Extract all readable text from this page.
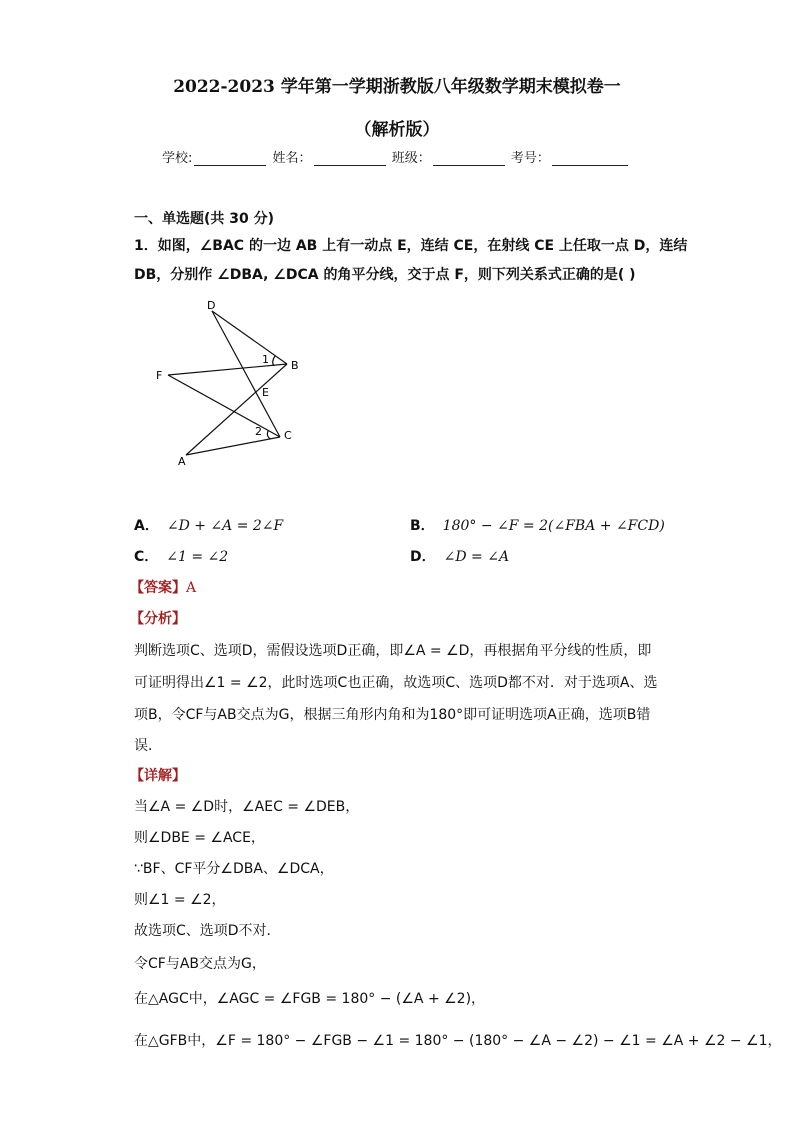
2022-2023 学年第一学期浙教版八年级数学期末模拟卷一
（解析版）
学校:	姓名：	班级：	考号：
一、单选题(共 30 分)
1．如图，∠BAC 的一边 AB 上有一动点 E，连结 CE，在射线 CE 上任取一点 D，连结
DB，分别作 ∠DBA, ∠DCA 的角平分线，交于点 F，则下列关系式正确的是( )
D
B
F
E
C
A
1
2
A． ∠D + ∠A = 2∠F	B． 180° − ∠F = 2(∠FBA + ∠FCD)
C． ∠1 = ∠2	D． ∠D = ∠A
【答案】A
【分析】
判断选项C、选项D，需假设选项D正确，即∠A = ∠D，再根据角平分线的性质，即
可证明得出∠1 = ∠2，此时选项C也正确，故选项C、选项D都不对．对于选项A、选
项B，令CF与AB交点为G，根据三角形内角和为180°即可证明选项A正确，选项B错
误．
【详解】
当∠A = ∠D时，∠AEC = ∠DEB，
则∠DBE = ∠ACE，
∵BF、CF平分∠DBA、∠DCA，
则∠1 = ∠2，
故选项C、选项D不对．
令CF与AB交点为G，
在△AGC中，∠AGC = ∠FGB = 180° − (∠A + ∠2)，
在△GFB中，∠F = 180° − ∠FGB − ∠1 = 180° − (180° − ∠A − ∠2) − ∠1 = ∠A + ∠2 − ∠1，
